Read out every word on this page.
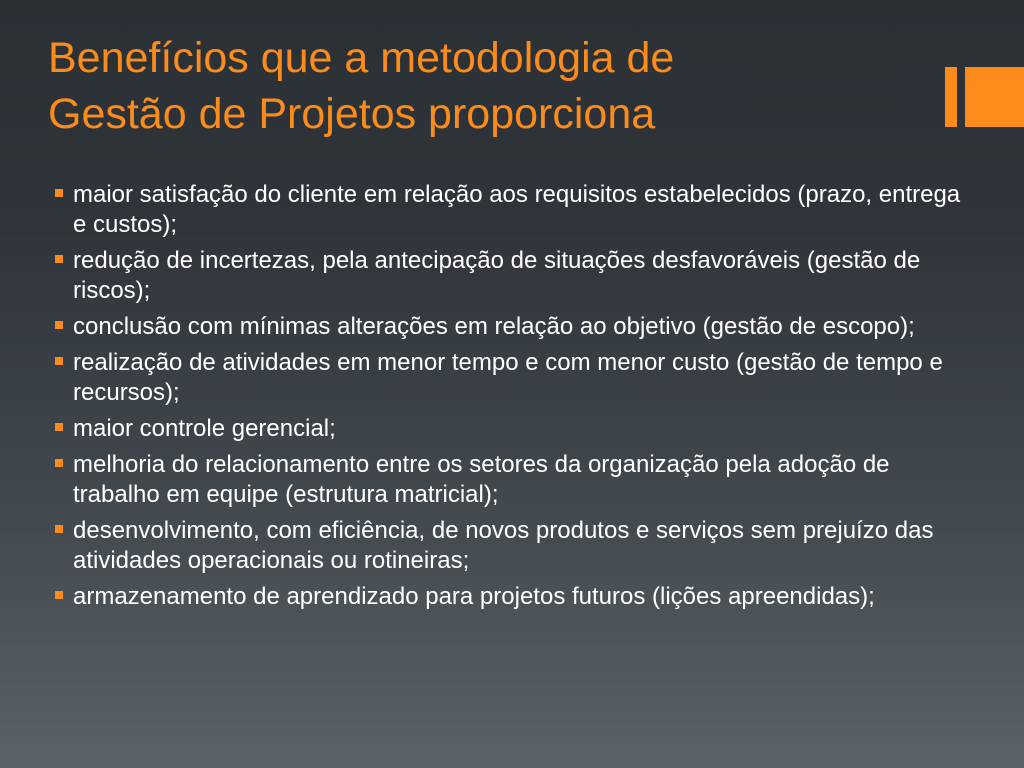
Benefícios que a metodologia de
Gestão de Projetos proporciona
maior satisfação do cliente em relação aos requisitos estabelecidos (prazo, entrega e custos);
redução de incertezas, pela antecipação de situações desfavoráveis (gestão de riscos);
conclusão com mínimas alterações em relação ao objetivo (gestão de escopo);
realização de atividades em menor tempo e com menor custo (gestão de tempo e recursos);
maior controle gerencial;
melhoria do relacionamento entre os setores da organização pela adoção de trabalho em equipe (estrutura matricial);
desenvolvimento, com eficiência, de novos produtos e serviços sem prejuízo das atividades operacionais ou rotineiras;
armazenamento de aprendizado para projetos futuros (lições apreendidas);
